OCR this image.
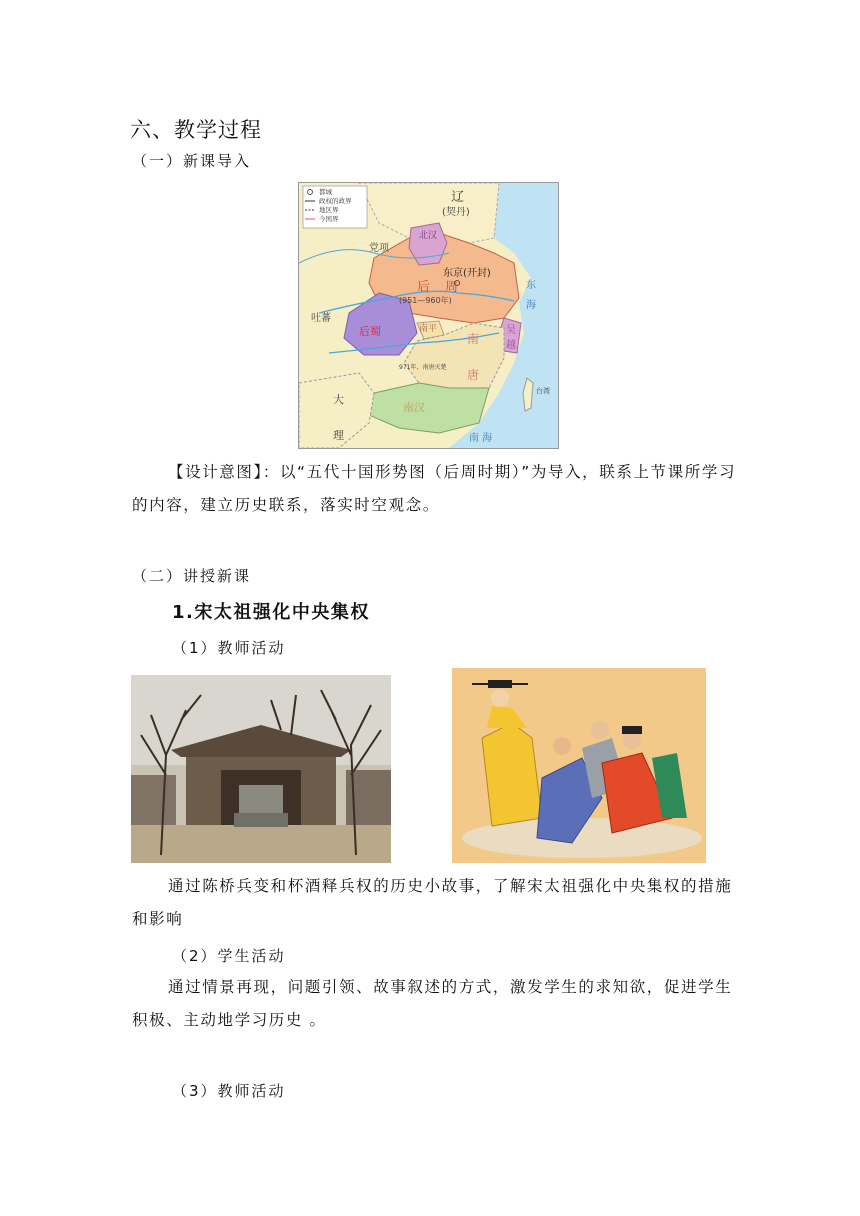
六、教学过程
（一）新课导入
都城
政权的政界
地区界
今国界
辽
(契丹)
北汉
东京(开封)
后 周
(951—960年)
后蜀	南平
南
唐
吴
越
南汉
吐蕃
党项
971年，南唐灭楚
大
理
东
海
南 海
台湾
【设计意图】：以“五代十国形势图（后周时期）”为导入，联系上节课所学习的内容，建立历史联系，落实时空观念。
（二）讲授新课
1.宋太祖强化中央集权
（1）教师活动
通过陈桥兵变和杯酒释兵权的历史小故事，了解宋太祖强化中央集权的措施和影响
（2）学生活动
通过情景再现，问题引领、故事叙述的方式，激发学生的求知欲，促进学生积极、主动地学习历史 。
（3）教师活动
